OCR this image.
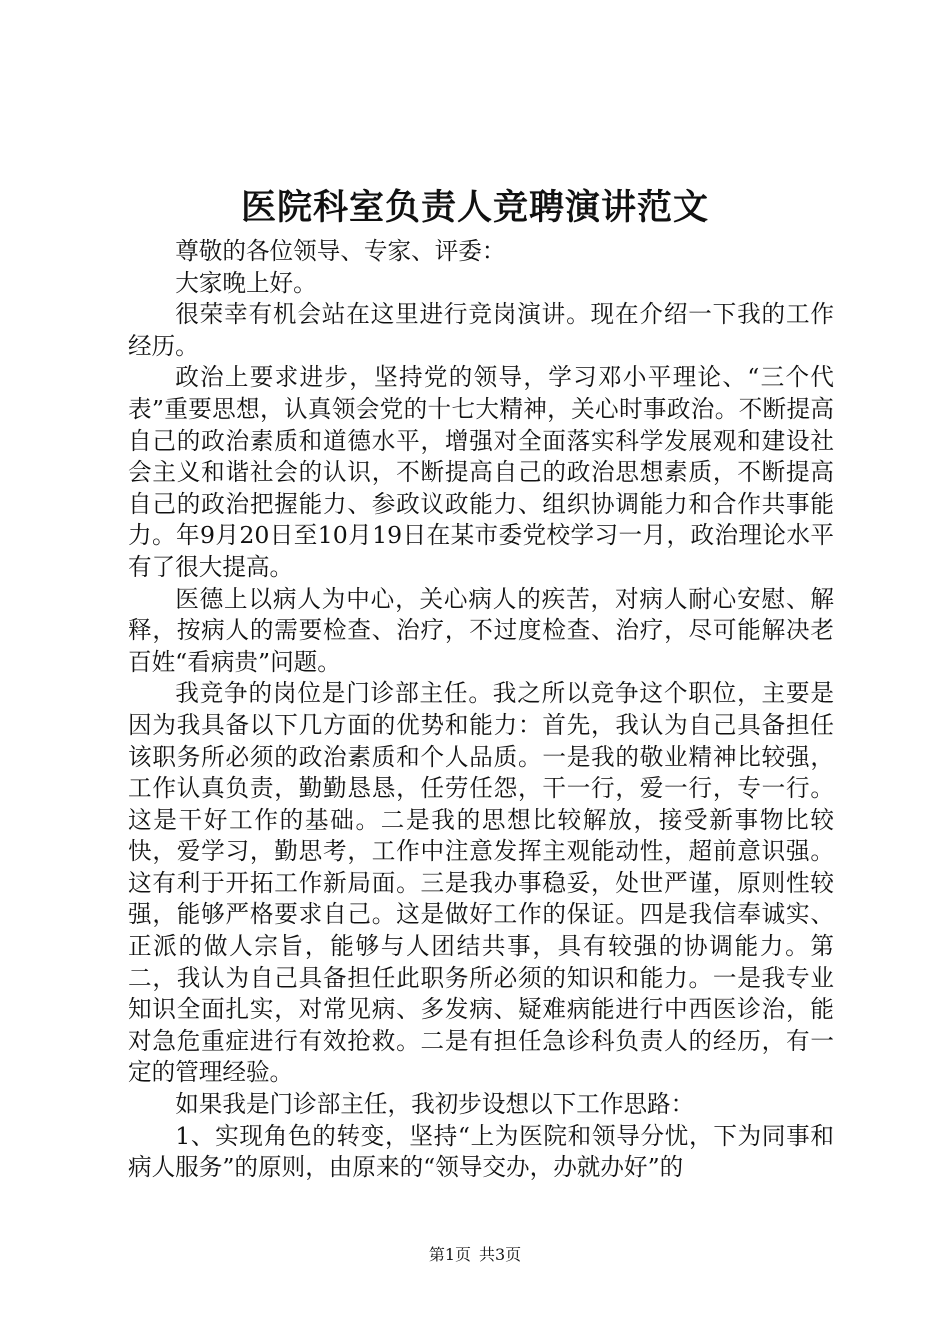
医院科室负责人竞聘演讲范文

尊敬的各位领导、专家、评委：

大家晚上好。

很荣幸有机会站在这里进行竞岗演讲。现在介绍一下我的工作经历。

政治上要求进步，坚持党的领导，学习邓小平理论、“三个代表”重要思想，认真领会党的十七大精神，关心时事政治。不断提高自己的政治素质和道德水平，增强对全面落实科学发展观和建设社会主义和谐社会的认识，不断提高自己的政治思想素质，不断提高自己的政治把握能力、参政议政能力、组织协调能力和合作共事能力。年9月20日至10月19日在某市委党校学习一月，政治理论水平有了很大提高。

医德上以病人为中心，关心病人的疾苦，对病人耐心安慰、解释，按病人的需要检查、治疗，不过度检查、治疗，尽可能解决老百姓“看病贵”问题。

我竞争的岗位是门诊部主任。我之所以竞争这个职位，主要是因为我具备以下几方面的优势和能力：首先，我认为自己具备担任该职务所必须的政治素质和个人品质。一是我的敬业精神比较强，工作认真负责，勤勤恳恳，任劳任怨，干一行，爱一行，专一行。这是干好工作的基础。二是我的思想比较解放，接受新事物比较快，爱学习，勤思考，工作中注意发挥主观能动性，超前意识强。这有利于开拓工作新局面。三是我办事稳妥，处世严谨，原则性较强，能够严格要求自己。这是做好工作的保证。四是我信奉诚实、正派的做人宗旨，能够与人团结共事，具有较强的协调能力。第二，我认为自己具备担任此职务所必须的知识和能力。一是我专业知识全面扎实，对常见病、多发病、疑难病能进行中西医诊治，能对急危重症进行有效抢救。二是有担任急诊科负责人的经历，有一定的管理经验。

如果我是门诊部主任，我初步设想以下工作思路：

1、实现角色的转变，坚持“上为医院和领导分忧，下为同事和病人服务”的原则，由原来的“领导交办，办就办好”的

第1页 共3页
